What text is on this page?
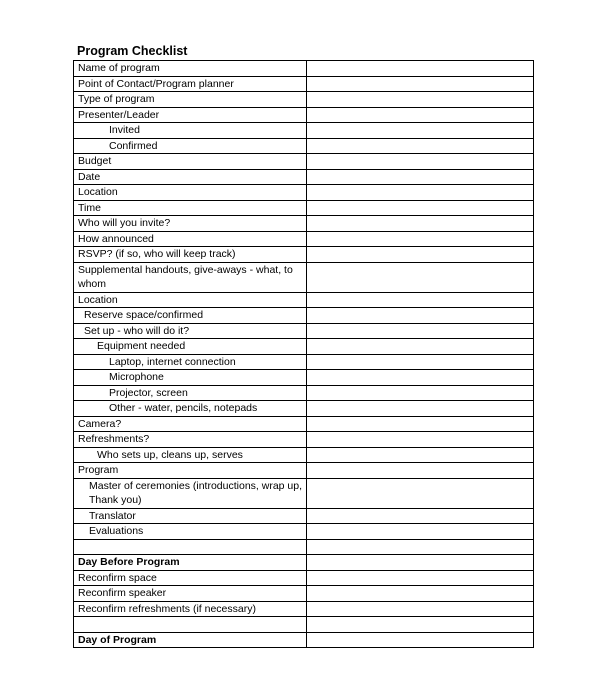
Program Checklist
Name of program	
Point of Contact/Program planner	
Type of program	
Presenter/Leader	
Invited	
Confirmed	
Budget	
Date	
Location	
Time	
Who will you invite?	
How announced	
RSVP? (if so, who will keep track)	
Supplemental handouts, give-aways - what, to whom	
Location	
Reserve space/confirmed	
Set up - who will do it?	
Equipment needed	
Laptop, internet connection	
Microphone	
Projector, screen	
Other - water, pencils, notepads	
Camera?	
Refreshments?	
Who sets up, cleans up, serves	
Program	
Master of ceremonies (introductions, wrap up, Thank you)	
Translator	
Evaluations	

Day Before Program	
Reconfirm space	
Reconfirm speaker	
Reconfirm refreshments (if necessary)	

Day of Program	
